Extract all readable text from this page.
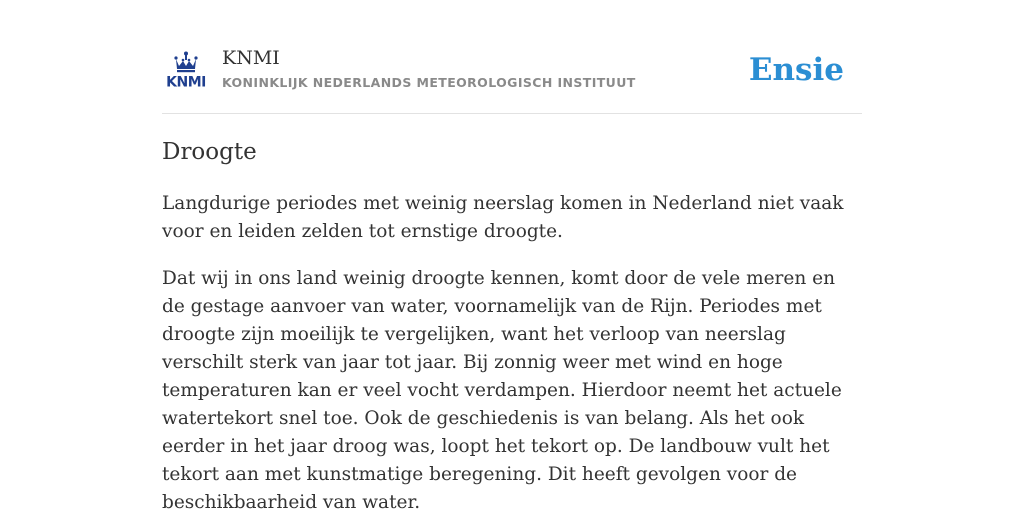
KNMI
KNMI
KONINKLIJK NEDERLANDS METEOROLOGISCH INSTITUUT	Ensie
Droogte

Langdurige periodes met weinig neerslag komen in Nederland niet vaak voor en leiden zelden tot ernstige droogte.

Dat wij in ons land weinig droogte kennen, komt door de vele meren en de gestage aanvoer van water, voornamelijk van de Rijn. Periodes met droogte zijn moeilijk te vergelijken, want het verloop van neerslag verschilt sterk van jaar tot jaar. Bij zonnig weer met wind en hoge temperaturen kan er veel vocht verdampen. Hierdoor neemt het actuele watertekort snel toe. Ook de geschiedenis is van belang. Als het ook eerder in het jaar droog was, loopt het tekort op. De landbouw vult het tekort aan met kunstmatige beregening. Dit heeft gevolgen voor de beschikbaarheid van water.
